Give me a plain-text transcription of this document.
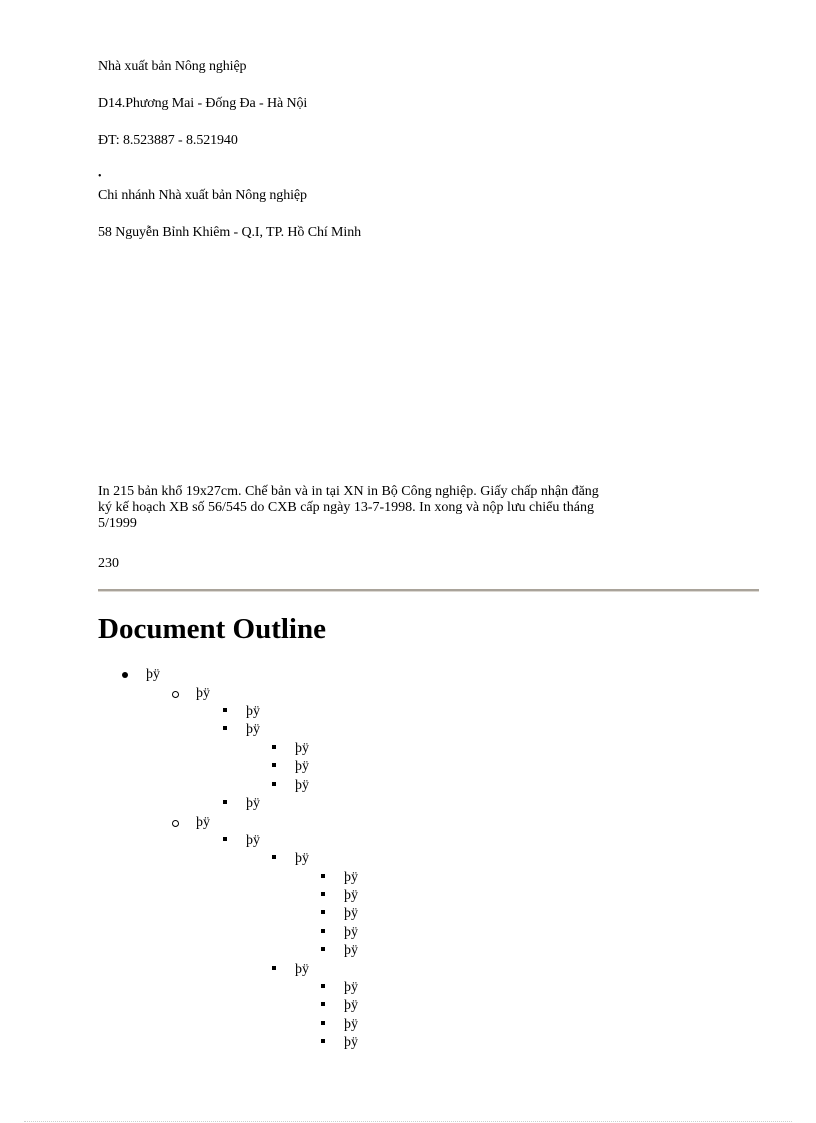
Nhà xuất bản Nông nghiệp
D14.Phương Mai - Đống Đa - Hà Nội
ĐT: 8.523887 - 8.521940
•
Chi nhánh Nhà xuất bản Nông nghiệp
58 Nguyễn Bỉnh Khiêm - Q.I, TP. Hồ Chí Minh
In 215 bản khổ 19x27cm. Chế bản và in tại XN in Bộ Công nghiệp. Giấy chấp nhận đăng ký kế hoạch XB số 56/545 do CXB cấp ngày 13-7-1998. In xong và nộp lưu chiểu tháng 5/1999
230
Document Outline
þÿ
þÿ
þÿ
þÿ
þÿ
þÿ
þÿ
þÿ
þÿ
þÿ
þÿ
þÿ
þÿ
þÿ
þÿ
þÿ
þÿ
þÿ
þÿ
þÿ
þÿ
